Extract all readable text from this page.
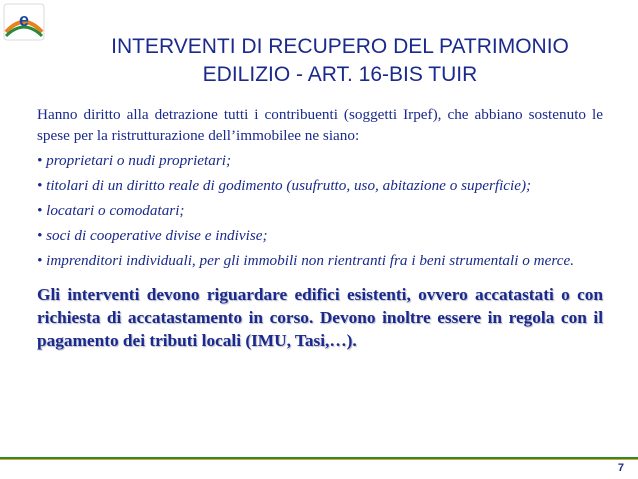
e
INTERVENTI DI RECUPERO DEL PATRIMONIO
EDILIZIO - ART. 16-BIS TUIR
Hanno diritto alla detrazione tutti i contribuenti (soggetti Irpef), che abbiano sostenuto le spese per la ristrutturazione dell’immobilee ne siano:
• proprietari o nudi proprietari;
• titolari di un diritto reale di godimento (usufrutto, uso, abitazione o superficie);
• locatari o comodatari;
• soci di cooperative divise e indivise;
• imprenditori individuali, per gli immobili non rientranti fra i beni strumentali o merce.
Gli interventi devono riguardare edifici esistenti, ovvero accatastati o con richiesta di accatastamento in corso. Devono inoltre essere in regola con il pagamento dei tributi locali (IMU, Tasi,…).
7
